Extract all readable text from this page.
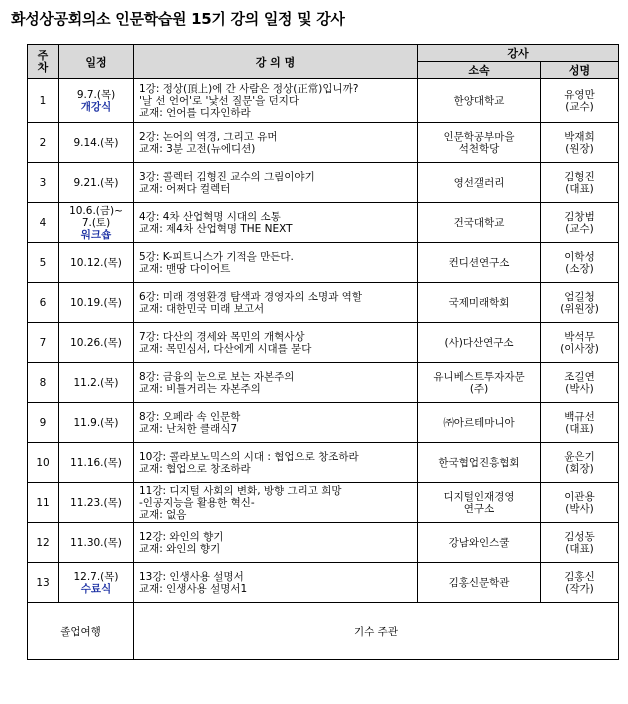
화성상공회의소 인문학습원 15기 강의 일정 및 강사
주
차	일정	강 의 명	강사	
			소속	성명
1	9.7.(목)
개강식	1강: 정상(頂上)에 간 사람은 정상(正常)입니까?
'날 선 언어'로 '낯선 질문'을 던지다
교재: 언어를 디자인하라	한양대학교	유영만
(교수)

2	9.14.(목)	2강: 논어의 역경, 그리고 유머
교재: 3분 고전(뉴에디션)	인문학공부마을
석천학당	박재희
(원장)

3	9.21.(목)	3강: 콜렉터 김형진 교수의 그림이야기
교재: 어쩌다 컬렉터	영선갤러리	김형진
(대표)

4	10.6.(금)~
7.(토)
워크숍	4강: 4차 산업혁명 시대의 소통
교재: 제4차 산업혁명 THE NEXT	건국대학교	김창범
(교수)

5	10.12.(목)	5강: K-피트니스가 기적을 만든다.
교재: 맨땅 다이어트	컨디션연구소	이학성
(소장)

6	10.19.(목)	6강: 미래 경영환경 탐색과 경영자의 소명과 역할
교재: 대한민국 미래 보고서	국제미래학회	엄길청
(위원장)

7	10.26.(목)	7강: 다산의 경세와 목민의 개혁사상
교재: 목민심서, 다산에게 시대를 묻다	(사)다산연구소	박석무
(이사장)

8	11.2.(목)	8강: 금융의 눈으로 보는 자본주의
교재: 비틀거리는 자본주의	유니베스트투자자문
(주)	조길연
(박사)

9	11.9.(목)	8강: 오페라 속 인문학
교재: 난처한 클래식7	㈜아르테마니아	백규선
(대표)

10	11.16.(목)	10강: 콜라보노믹스의 시대 : 협업으로 창조하라
교재: 협업으로 창조하라	한국협업진흥협회	윤은기
(회장)

11	11.23.(목)	11강: 디지털 사회의 변화, 방향 그리고 희망
-인공지능을 활용한 혁신-
교재: 없음	디지털인재경영
연구소	이관용
(박사)

12	11.30.(목)	12강: 와인의 향기
교재: 와인의 향기	강남와인스쿨	김성동
(대표)

13	12.7.(목)
수료식	13강: 인생사용 설명서
교재: 인생사용 설명서1	김홍신문학관	김홍신
(작가)

졸업여행		기수 주관		
